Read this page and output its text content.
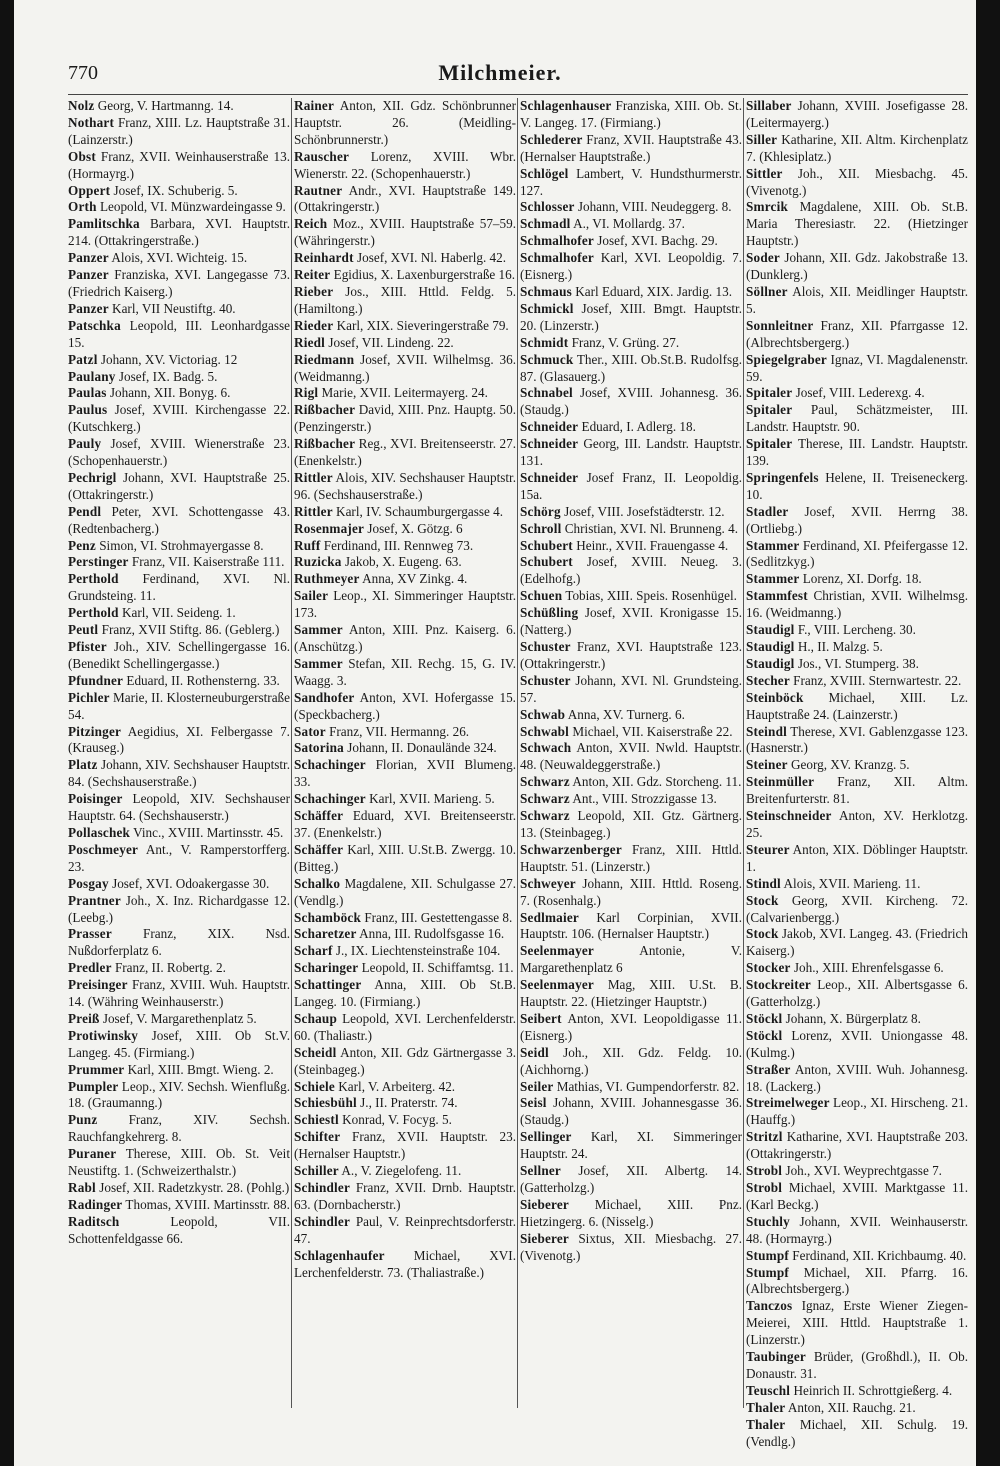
770	Milchmeier.

Nolz Georg, V. Hartmanng. 14.

Nothart Franz, XIII. Lz. Hauptstraße 31. (Lainzerstr.)

Obst Franz, XVII. Weinhauserstraße 13. (Hormayrg.)

Oppert Josef, IX. Schuberig. 5.

Orth Leopold, VI. Münzwardeingasse 9.

Pamlitschka Barbara, XVI. Hauptstr. 214. (Ottakringerstraße.)

Panzer Alois, XVI. Wichteig. 15.

Panzer Franziska, XVI. Langegasse 73. (Friedrich Kaiserg.)

Panzer Karl, VII Neustiftg. 40.

Patschka Leopold, III. Leonhardgasse 15.

Patzl Johann, XV. Victoriag. 12

Paulany Josef, IX. Badg. 5.

Paulas Johann, XII. Bonyg. 6.

Paulus Josef, XVIII. Kirchengasse 22. (Kutschkerg.)

Pauly Josef, XVIII. Wienerstraße 23. (Schopenhauerstr.)

Pechrigl Johann, XVI. Hauptstraße 25. (Ottakringerstr.)

Pendl Peter, XVI. Schottengasse 43. (Redtenbacherg.)

Penz Simon, VI. Strohmayergasse 8.

Perstinger Franz, VII. Kaiserstraße 111.

Perthold Ferdinand, XVI. Nl. Grundsteing. 11.

Perthold Karl, VII. Seideng. 1.

Peutl Franz, XVII Stiftg. 86. (Geblerg.)

Pfister Joh., XIV. Schellingergasse 16. (Benedikt Schellingergasse.)

Pfundner Eduard, II. Rothensterng. 33.

Pichler Marie, II. Klosterneuburgerstraße 54.

Pitzinger Aegidius, XI. Felbergasse 7. (Krauseg.)

Platz Johann, XIV. Sechshauser Hauptstr. 84. (Sechshauserstraße.)

Poisinger Leopold, XIV. Sechshauser Hauptstr. 64. (Sechshauserstr.)

Pollaschek Vinc., XVIII. Martinsstr. 45.

Poschmeyer Ant., V. Ramperstorfferg. 23.

Posgay Josef, XVI. Odoakergasse 30.

Prantner Joh., X. Inz. Richardgasse 12. (Leebg.)

Prasser Franz, XIX. Nsd. Nußdorferplatz 6.

Predler Franz, II. Robertg. 2.

Preisinger Franz, XVIII. Wuh. Hauptstr. 14. (Währing Weinhauserstr.)

Preiß Josef, V. Margarethenplatz 5.

Protiwinsky Josef, XIII. Ob St.V. Langeg. 45. (Firmiang.)

Prummer Karl, XIII. Bmgt. Wieng. 2.

Pumpler Leop., XIV. Sechsh. Wienflußg. 18. (Graumanng.)

Punz Franz, XIV. Sechsh. Rauchfangkehrerg. 8.

Puraner Therese, XIII. Ob. St. Veit Neustiftg. 1. (Schweizerthalstr.)

Rabl Josef, XII. Radetzkystr. 28. (Pohlg.)

Radinger Thomas, XVIII. Martinsstr. 88.

Raditsch	Leopold, VII. Schottenfeldgasse 66.

Rainer Anton, XII. Gdz. Schönbrunner Hauptstr. 26. (Meidling-Schönbrunnerstr.)

Rauscher Lorenz, XVIII. Wbr. Wienerstr. 22. (Schopenhauerstr.)

Rautner Andr., XVI. Hauptstraße 149. (Ottakringerstr.)

Reich Moz., XVIII. Hauptstraße 57–59. (Währingerstr.)

Reinhardt Josef, XVI. Nl. Haberlg. 42.

Reiter Egidius, X. Laxenburgerstraße 16.

Rieber Jos., XIII. Httld. Feldg. 5. (Hamiltong.)

Rieder Karl, XIX. Sieveringerstraße 79.

Riedl Josef, VII. Lindeng. 22.

Riedmann Josef, XVII. Wilhelmsg. 36. (Weidmanng.)

Rigl Marie, XVII. Leitermayerg. 24.

Rißbacher David, XIII. Pnz. Hauptg. 50. (Penzingerstr.)

Rißbacher Reg., XVI. Breitenseerstr. 27. (Enenkelstr.)

Rittler Alois, XIV. Sechshauser Hauptstr. 96. (Sechshauserstraße.)

Rittler Karl, IV. Schaumburgergasse 4.

Rosenmajer Josef, X. Götzg. 6

Ruff Ferdinand, III. Rennweg 73.

Ruzicka Jakob, X. Eugeng. 63.

Ruthmeyer Anna, XV Zinkg. 4.

Sailer Leop., XI. Simmeringer Hauptstr. 173.

Sammer Anton, XIII. Pnz. Kaiserg. 6. (Anschützg.)

Sammer Stefan, XII. Rechg. 15, G. IV. Waagg. 3.

Sandhofer Anton, XVI. Hofergasse 15. (Speckbacherg.)

Sator Franz, VII. Hermanng. 26.

Satorina Johann, II. Donaulände 324.

Schachinger Florian, XVII Blumeng. 33.

Schachinger Karl, XVII. Marieng. 5.

Schäffer Eduard, XVI. Breitenseerstr. 37. (Enenkelstr.)

Schäffer Karl, XIII. U.St.B. Zwergg. 10. (Bitteg.)

Schalko Magdalene, XII. Schulgasse 27. (Vendlg.)

Schamböck Franz, III. Gestettengasse 8.

Scharetzer Anna, III. Rudolfsgasse 16.

Scharf J., IX. Liechtensteinstraße 104.

Scharinger Leopold, II. Schiffamtsg. 11.

Schattinger Anna, XIII. Ob St.B. Langeg. 10. (Firmiang.)

Schaup Leopold, XVI. Lerchenfelderstr. 60. (Thaliastr.)

Scheidl Anton, XII. Gdz Gärtnergasse 3. (Steinbageg.)

Schiele Karl, V. Arbeiterg. 42.

Schiesbühl J., II. Praterstr. 74.

Schiestl Konrad, V. Focyg. 5.

Schifter Franz, XVII. Hauptstr. 23. (Hernalser Hauptstr.)

Schiller A., V. Ziegelofeng. 11.

Schindler Franz, XVII. Drnb. Hauptstr. 63. (Dornbacherstr.)

Schindler Paul, V. Reinprechtsdorferstr. 47.

Schlagenhaufer Michael, XVI. Lerchenfelderstr. 73. (Thaliastraße.)

Schlagenhauser Franziska, XIII. Ob. St. V. Langeg. 17. (Firmiang.)

Schlederer Franz, XVII. Hauptstraße 43. (Hernalser Hauptstraße.)

Schlögel Lambert, V. Hundsthurmerstr. 127.

Schlosser Johann, VIII. Neudeggerg. 8.

Schmadl A., VI. Mollardg. 37.

Schmalhofer Josef, XVI. Bachg. 29.

Schmalhofer Karl, XVI. Leopoldig. 7. (Eisnerg.)

Schmaus Karl Eduard, XIX. Jardig. 13.

Schmickl Josef, XIII. Bmgt. Hauptstr. 20. (Linzerstr.)

Schmidt Franz, V. Grüng. 27.

Schmuck Ther., XIII. Ob.St.B. Rudolfsg. 87. (Glasauerg.)

Schnabel Josef, XVIII. Johannesg. 36. (Staudg.)

Schneider Eduard, I. Adlerg. 18.

Schneider Georg, III. Landstr. Hauptstr. 131.

Schneider Josef Franz, II. Leopoldig. 15a.

Schörg Josef, VIII. Josefstädterstr. 12.

Schroll Christian, XVI. Nl. Brunneng. 4.

Schubert Heinr., XVII. Frauengasse 4.

Schubert Josef, XVIII. Neueg. 3. (Edelhofg.)

Schuen Tobias, XIII. Speis. Rosenhügel.

Schüßling Josef, XVII. Kronigasse 15. (Natterg.)

Schuster Franz, XVI. Hauptstraße 123. (Ottakringerstr.)

Schuster Johann, XVI. Nl. Grundsteing. 57.

Schwab Anna, XV. Turnerg. 6.

Schwabl Michael, VII. Kaiserstraße 22.

Schwach Anton, XVII. Nwld. Hauptstr. 48. (Neuwaldeggerstraße.)

Schwarz Anton, XII. Gdz. Storcheng. 11.

Schwarz Ant., VIII. Strozzigasse 13.

Schwarz Leopold, XII. Gtz. Gärtnerg. 13. (Steinbageg.)

Schwarzenberger Franz, XIII. Httld. Hauptstr. 51. (Linzerstr.)

Schweyer Johann, XIII. Httld. Roseng. 7. (Rosenhalg.)

Sedlmaier Karl Corpinian, XVII. Hauptstr. 106. (Hernalser Hauptstr.)

Seelenmayer	Antonie, V. Margarethenplatz 6

Seelenmayer Mag, XIII. U.St. B. Hauptstr. 22. (Hietzinger Hauptstr.)

Seibert Anton, XVI. Leopoldigasse 11. (Eisnerg.)

Seidl Joh., XII. Gdz. Feldg. 10. (Aichhorng.)

Seiler Mathias, VI. Gumpendorferstr. 82.

Seisl Johann, XVIII. Johannesgasse 36. (Staudg.)

Sellinger Karl, XI. Simmeringer Hauptstr. 24.

Sellner Josef, XII. Albertg. 14. (Gatterholzg.)

Sieberer Michael, XIII. Pnz. Hietzingerg. 6. (Nisselg.)

Sieberer Sixtus, XII. Miesbachg. 27. (Vivenotg.)

Sillaber Johann, XVIII. Josefigasse 28. (Leitermayerg.)

Siller Katharine, XII. Altm. Kirchenplatz 7. (Khlesiplatz.)

Sittler Joh., XII. Miesbachg. 45. (Vivenotg.)

Smrcik Magdalene, XIII. Ob. St.B. Maria Theresiastr. 22. (Hietzinger Hauptstr.)

Soder Johann, XII. Gdz. Jakobstraße 13. (Dunklerg.)

Söllner Alois, XII. Meidlinger Hauptstr. 5.

Sonnleitner Franz, XII. Pfarrgasse 12. (Albrechtsbergerg.)

Spiegelgraber Ignaz, VI. Magdalenenstr. 59.

Spitaler Josef, VIII. Lederexg. 4.

Spitaler Paul, Schätzmeister, III. Landstr. Hauptstr. 90.

Spitaler Therese, III. Landstr. Hauptstr. 139.

Springenfels Helene, II. Treiseneckerg. 10.

Stadler Josef, XVII. Herrng 38. (Ortliebg.)

Stammer Ferdinand, XI. Pfeifergasse 12. (Sedlitzkyg.)

Stammer Lorenz, XI. Dorfg. 18.

Stammfest Christian, XVII. Wilhelmsg. 16. (Weidmanng.)

Staudigl F., VIII. Lercheng. 30.

Staudigl H., II. Malzg. 5.

Staudigl Jos., VI. Stumperg. 38.

Stecher Franz, XVIII. Sternwartestr. 22.

Steinböck Michael, XIII. Lz. Hauptstraße 24. (Lainzerstr.)

Steindl Therese, XVI. Gablenzgasse 123. (Hasnerstr.)

Steiner Georg, XV. Kranzg. 5.

Steinmüller Franz, XII. Altm. Breitenfurterstr. 81.

Steinschneider Anton, XV. Herklotzg. 25.

Steurer Anton, XIX. Döblinger Hauptstr. 1.

Stindl Alois, XVII. Marieng. 11.

Stock Georg, XVII. Kircheng. 72. (Calvarienbergg.)

Stock Jakob, XVI. Langeg. 43. (Friedrich Kaiserg.)

Stocker Joh., XIII. Ehrenfelsgasse 6.

Stockreiter Leop., XII. Albertsgasse 6. (Gatterholzg.)

Stöckl Johann, X. Bürgerplatz 8.

Stöckl Lorenz, XVII. Uniongasse 48. (Kulmg.)

Straßer Anton, XVIII. Wuh. Johannesg. 18. (Lackerg.)

Streimelweger Leop., XI. Hirscheng. 21. (Hauffg.)

Stritzl Katharine, XVI. Hauptstraße 203. (Ottakringerstr.)

Strobl Joh., XVI. Weyprechtgasse 7.

Strobl Michael, XVIII. Marktgasse 11. (Karl Beckg.)

Stuchly Johann, XVII. Weinhauserstr. 48. (Hormayrg.)

Stumpf Ferdinand, XII. Krichbaumg. 40.

Stumpf Michael, XII. Pfarrg. 16. (Albrechtsbergerg.)

Tanczos Ignaz, Erste Wiener Ziegen-Meierei, XIII. Httld. Hauptstraße 1. (Linzerstr.)

Taubinger Brüder, (Großhdl.), II. Ob. Donaustr. 31.

Teuschl Heinrich II. Schrottgießerg. 4.

Thaler Anton, XII. Rauchg. 21.

Thaler Michael, XII. Schulg. 19. (Vendlg.)
